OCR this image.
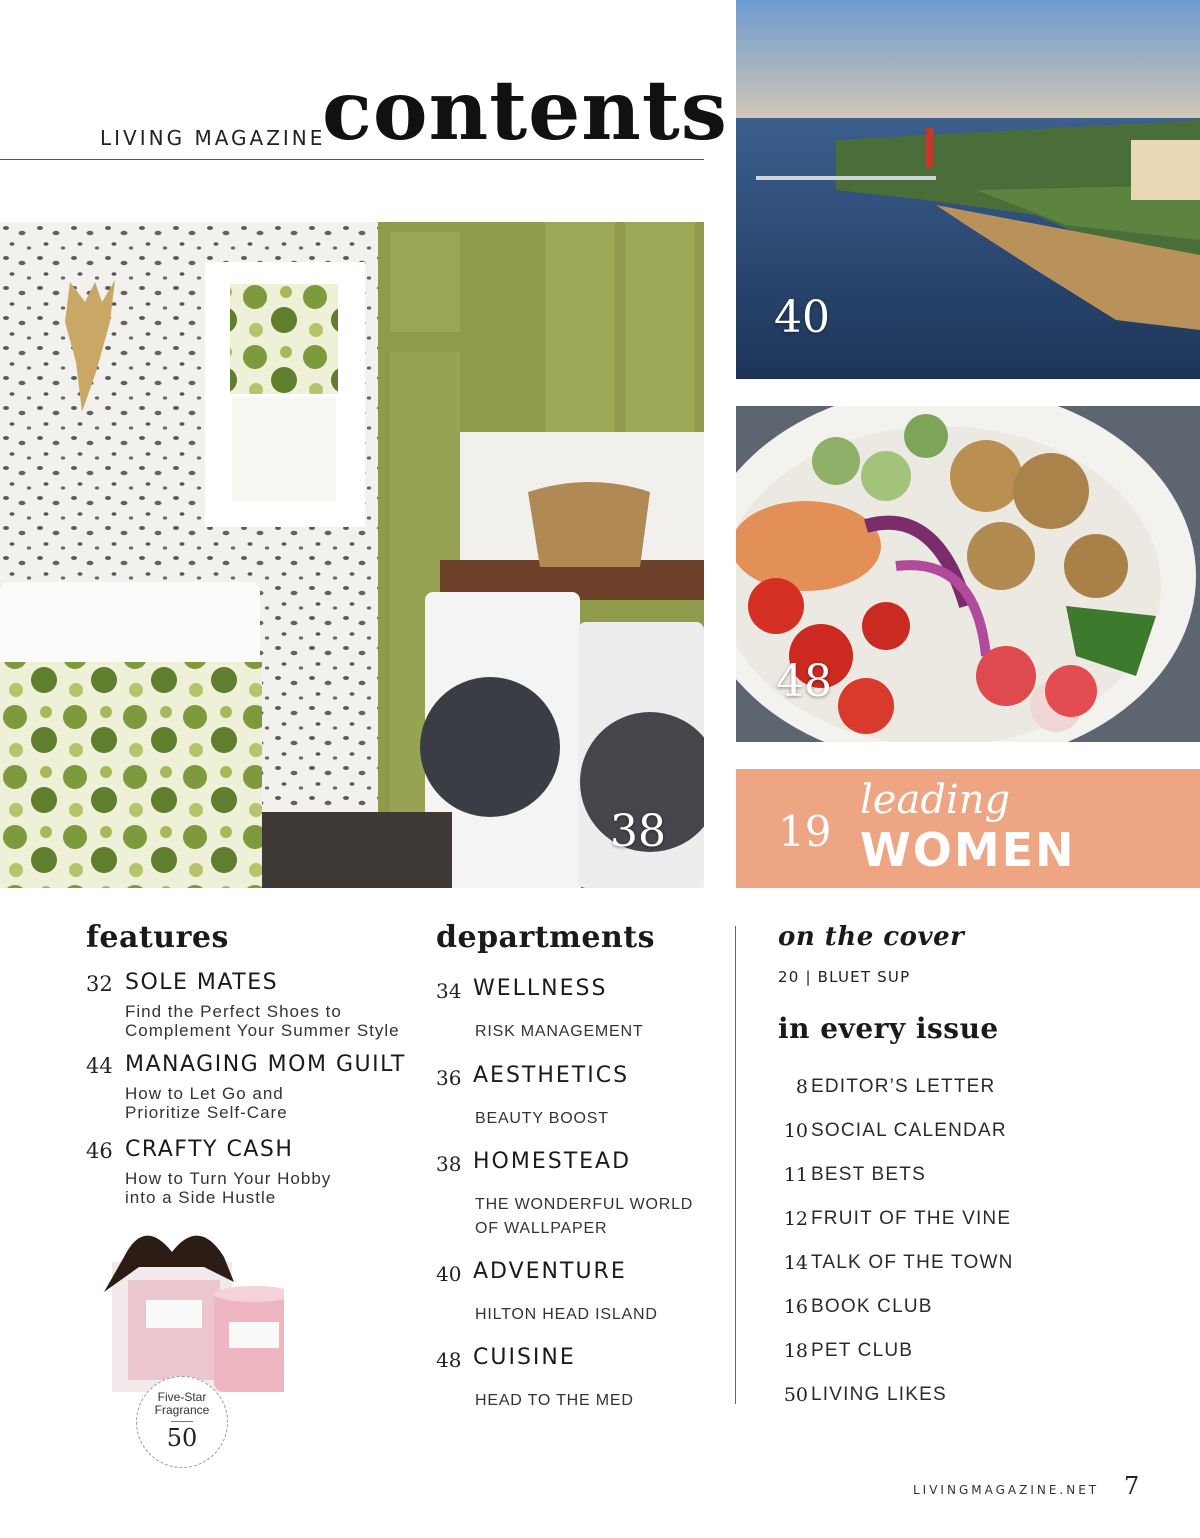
LIVING MAGAZINE
contents
38
40
48
19
leading
WOMEN
features
32 SOLE MATES
Find the Perfect Shoes to
Complement Your Summer Style
44 MANAGING MOM GUILT
How to Let Go and
Prioritize Self-Care
46 CRAFTY CASH
How to Turn Your Hobby
into a Side Hustle
Five-Star
Fragrance
50
departments
34 WELLNESS
RISK MANAGEMENT
36 AESTHETICS
BEAUTY BOOST
38 HOMESTEAD
THE WONDERFUL WORLD
OF WALLPAPER
40 ADVENTURE
HILTON HEAD ISLAND
48 CUISINE
HEAD TO THE MED
on the cover
20 | BLUET SUP
in every issue
8 EDITOR’S LETTER
10 SOCIAL CALENDAR
11 BEST BETS
12 FRUIT OF THE VINE
14 TALK OF THE TOWN
16 BOOK CLUB
18 PET CLUB
50 LIVING LIKES
LIVINGMAGAZINE.NET 7
